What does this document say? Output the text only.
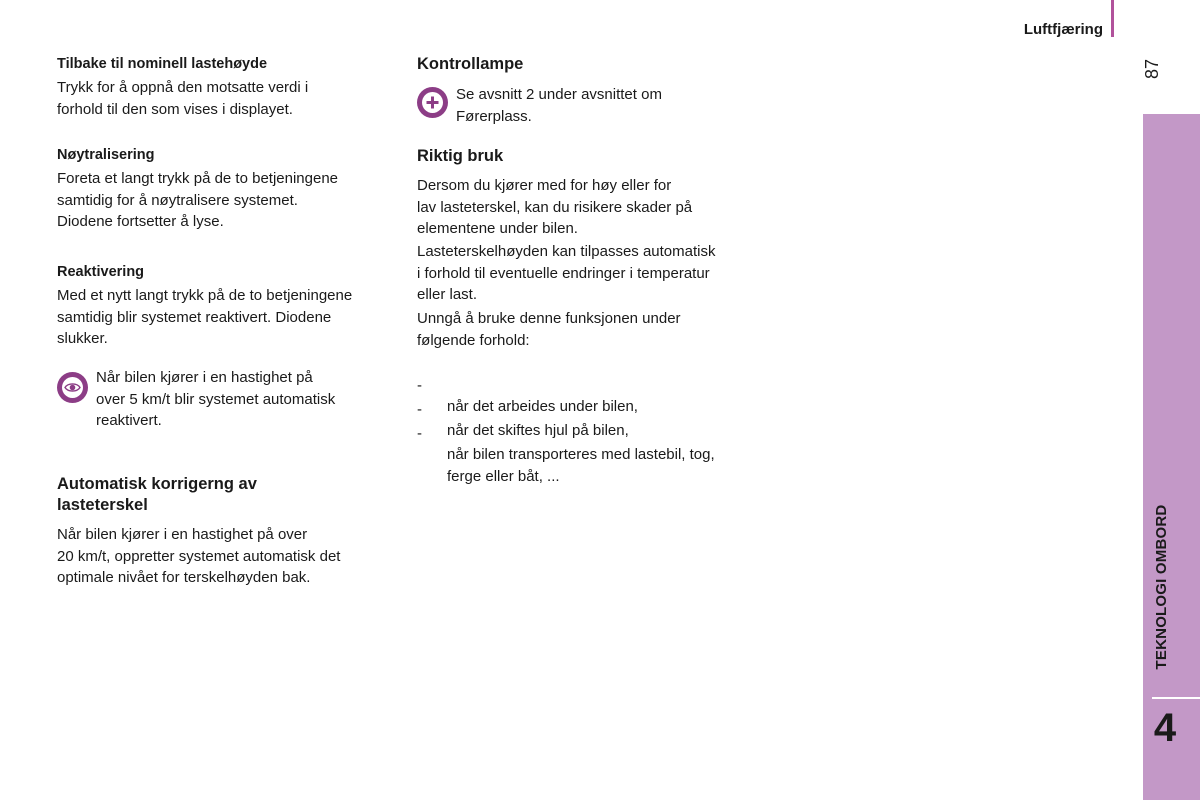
Luftfjæring
87
TEKNOLOGI OMBORD
4
Tilbake til nominell lastehøyde
Trykk for å oppnå den motsatte verdi i
forhold til den som vises i displayet.
Nøytralisering
Foreta et langt trykk på de to betjeningene
samtidig for å nøytralisere systemet.
Diodene fortsetter å lyse.
Reaktivering
Med et nytt langt trykk på de to betjeningene
samtidig blir systemet reaktivert. Diodene
slukker.
Når bilen kjører i en hastighet på
over 5 km/t blir systemet automatisk
reaktivert.
Automatisk korrigerng av
lasteterskel
Når bilen kjører i en hastighet på over
20 km/t, oppretter systemet automatisk det
optimale nivået for terskelhøyden bak.
Kontrollampe
Se avsnitt 2 under avsnittet om
Førerplass.
Riktig bruk
Dersom du kjører med for høy eller for
lav lasteterskel, kan du risikere skader på
elementene under bilen.
Lasteterskelhøyden kan tilpasses automatisk
i forhold til eventuelle endringer i temperatur
eller last.
Unngå å bruke denne funksjonen under
følgende forhold:

-

når det arbeides under bilen,

-

når det skiftes hjul på bilen,

-

når bilen transporteres med lastebil, tog,
ferge eller båt, ...
